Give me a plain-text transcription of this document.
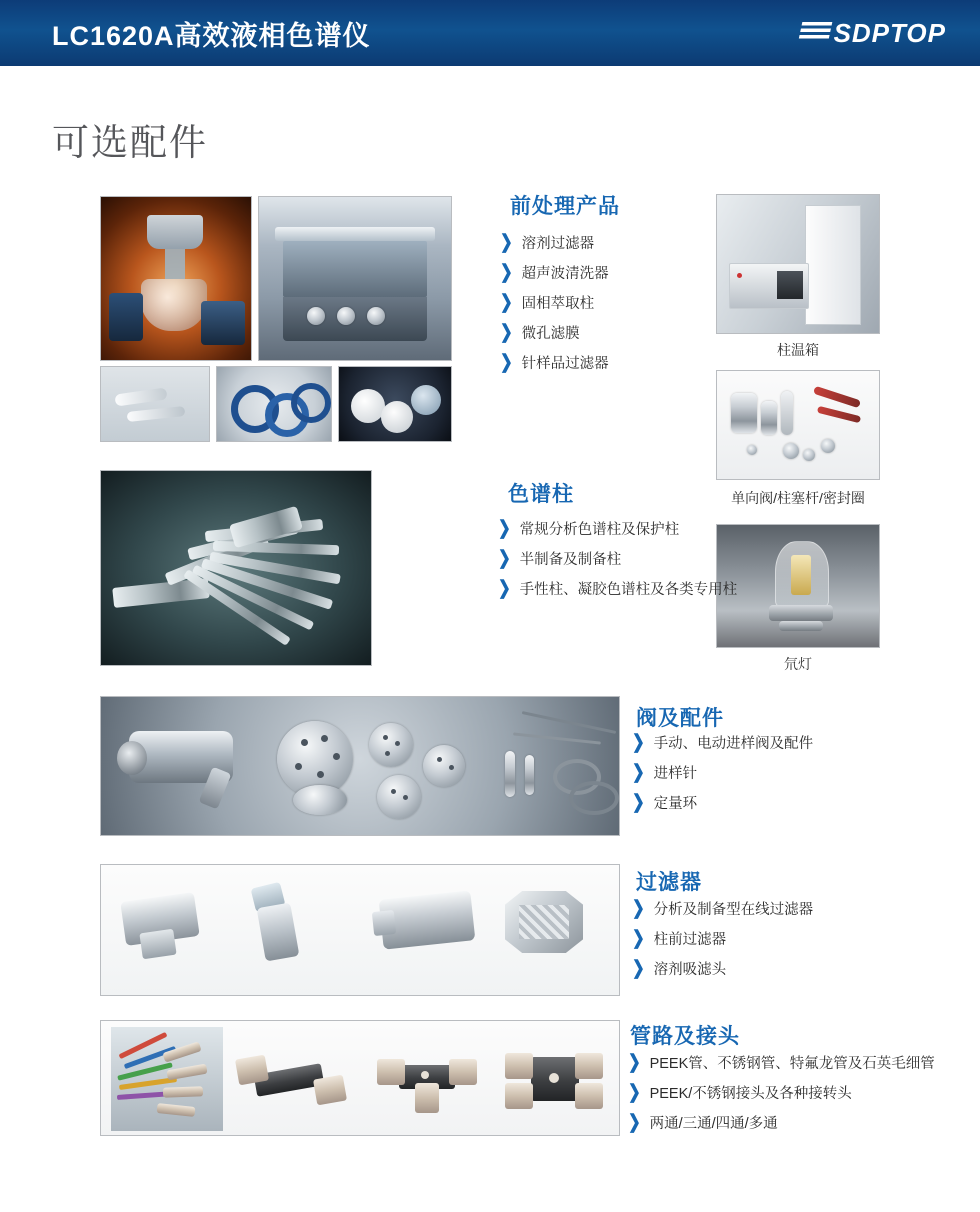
LC1620A高效液相色谱仪	SDPTOP
可选配件
前处理产品
❯ 溶剂过滤器
❯ 超声波清洗器
❯ 固相萃取柱
❯ 微孔滤膜
❯ 针样品过滤器
柱温箱
单向阀/柱塞杆/密封圈
氘灯
色谱柱
❯ 常规分析色谱柱及保护柱
❯ 半制备及制备柱
❯ 手性柱、凝胶色谱柱及各类专用柱
阀及配件
❯ 手动、电动进样阀及配件
❯ 进样针
❯ 定量环
过滤器
❯ 分析及制备型在线过滤器
❯ 柱前过滤器
❯ 溶剂吸滤头
管路及接头
❯ PEEK管、不锈钢管、特氟龙管及石英毛细管
❯ PEEK/不锈钢接头及各种接转头
❯ 两通/三通/四通/多通
